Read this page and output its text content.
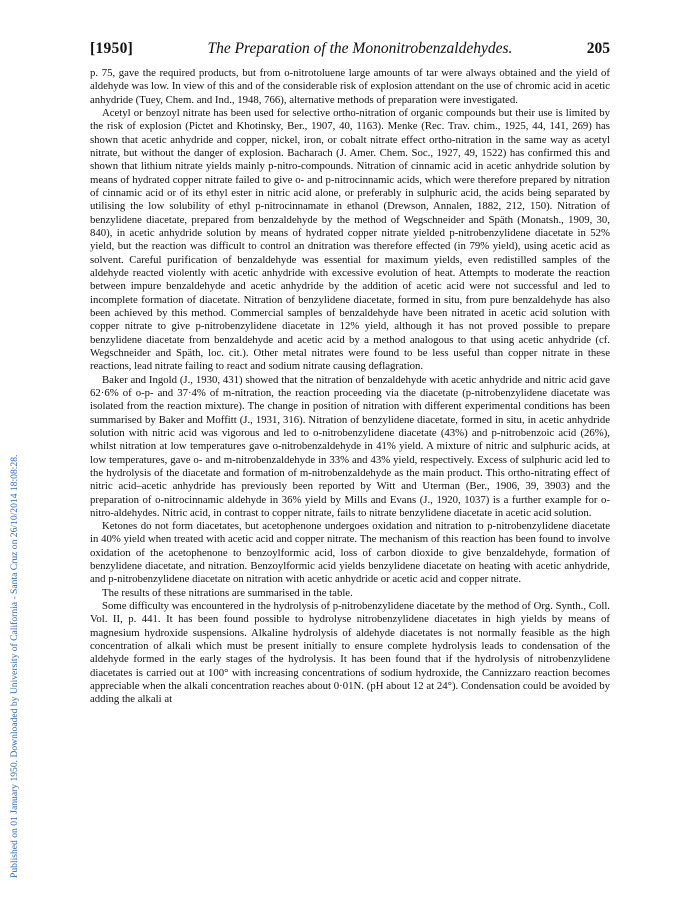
[1950]	The Preparation of the Mononitrobenzaldehydes.	205
Published on 01 January 1950. Downloaded by University of California - Santa Cruz on 26/10/2014 18:08:28.

p. 75, gave the required products, but from o-nitrotoluene large amounts of tar were always obtained and the yield of aldehyde was low. In view of this and of the considerable risk of explosion attendant on the use of chromic acid in acetic anhydride (Tuey, Chem. and Ind., 1948, 766), alternative methods of preparation were investigated.

Acetyl or benzoyl nitrate has been used for selective ortho-nitration of organic compounds but their use is limited by the risk of explosion (Pictet and Khotinsky, Ber., 1907, 40, 1163). Menke (Rec. Trav. chim., 1925, 44, 141, 269) has shown that acetic anhydride and copper, nickel, iron, or cobalt nitrate effect ortho-nitration in the same way as acetyl nitrate, but without the danger of explosion. Bacharach (J. Amer. Chem. Soc., 1927, 49, 1522) has confirmed this and shown that lithium nitrate yields mainly p-nitro-compounds. Nitration of cinnamic acid in acetic anhydride solution by means of hydrated copper nitrate failed to give o- and p-nitrocinnamic acids, which were therefore prepared by nitration of cinnamic acid or of its ethyl ester in nitric acid alone, or preferably in sulphuric acid, the acids being separated by utilising the low solubility of ethyl p-nitrocinnamate in ethanol (Drewson, Annalen, 1882, 212, 150). Nitration of benzylidene diacetate, prepared from benzaldehyde by the method of Wegschneider and Späth (Monatsh., 1909, 30, 840), in acetic anhydride solution by means of hydrated copper nitrate yielded p-nitrobenzylidene diacetate in 52% yield, but the reaction was difficult to control an dnitration was therefore effected (in 79% yield), using acetic acid as solvent. Careful purification of benzaldehyde was essential for maximum yields, even redistilled samples of the aldehyde reacted violently with acetic anhydride with excessive evolution of heat. Attempts to moderate the reaction between impure benzaldehyde and acetic anhydride by the addition of acetic acid were not successful and led to incomplete formation of diacetate. Nitration of benzylidene diacetate, formed in situ, from pure benzaldehyde has also been achieved by this method. Commercial samples of benzaldehyde have been nitrated in acetic acid solution with copper nitrate to give p-nitrobenzylidene diacetate in 12% yield, although it has not proved possible to prepare benzylidene diacetate from benzaldehyde and acetic acid by a method analogous to that using acetic anhydride (cf. Wegschneider and Späth, loc. cit.). Other metal nitrates were found to be less useful than copper nitrate in these reactions, lead nitrate failing to react and sodium nitrate causing deflagration.

Baker and Ingold (J., 1930, 431) showed that the nitration of benzaldehyde with acetic anhydride and nitric acid gave 62·6% of o-p- and 37·4% of m-nitration, the reaction proceeding via the diacetate (p-nitrobenzylidene diacetate was isolated from the reaction mixture). The change in position of nitration with different experimental conditions has been summarised by Baker and Moffitt (J., 1931, 316). Nitration of benzylidene diacetate, formed in situ, in acetic anhydride solution with nitric acid was vigorous and led to o-nitrobenzylidene diacetate (43%) and p-nitrobenzoic acid (26%), whilst nitration at low temperatures gave o-nitrobenzaldehyde in 41% yield. A mixture of nitric and sulphuric acids, at low temperatures, gave o- and m-nitrobenzaldehyde in 33% and 43% yield, respectively. Excess of sulphuric acid led to the hydrolysis of the diacetate and formation of m-nitrobenzaldehyde as the main product. This ortho-nitrating effect of nitric acid–acetic anhydride has previously been reported by Witt and Uterman (Ber., 1906, 39, 3903) and the preparation of o-nitrocinnamic aldehyde in 36% yield by Mills and Evans (J., 1920, 1037) is a further example for o-nitro-aldehydes. Nitric acid, in contrast to copper nitrate, fails to nitrate benzylidene diacetate in acetic acid solution.

Ketones do not form diacetates, but acetophenone undergoes oxidation and nitration to p-nitrobenzylidene diacetate in 40% yield when treated with acetic acid and copper nitrate. The mechanism of this reaction has been found to involve oxidation of the acetophenone to benzoylformic acid, loss of carbon dioxide to give benzaldehyde, formation of benzylidene diacetate, and nitration. Benzoylformic acid yields benzylidene diacetate on heating with acetic anhydride, and p-nitrobenzylidene diacetate on nitration with acetic anhydride or acetic acid and copper nitrate.

The results of these nitrations are summarised in the table.

Some difficulty was encountered in the hydrolysis of p-nitrobenzylidene diacetate by the method of Org. Synth., Coll. Vol. II, p. 441. It has been found possible to hydrolyse nitrobenzylidene diacetates in high yields by means of magnesium hydroxide suspensions. Alkaline hydrolysis of aldehyde diacetates is not normally feasible as the high concentration of alkali which must be present initially to ensure complete hydrolysis leads to condensation of the aldehyde formed in the early stages of the hydrolysis. It has been found that if the hydrolysis of nitrobenzylidene diacetates is carried out at 100° with increasing concentrations of sodium hydroxide, the Cannizzaro reaction becomes appreciable when the alkali concentration reaches about 0·01N. (pH about 12 at 24°). Condensation could be avoided by adding the alkali at
